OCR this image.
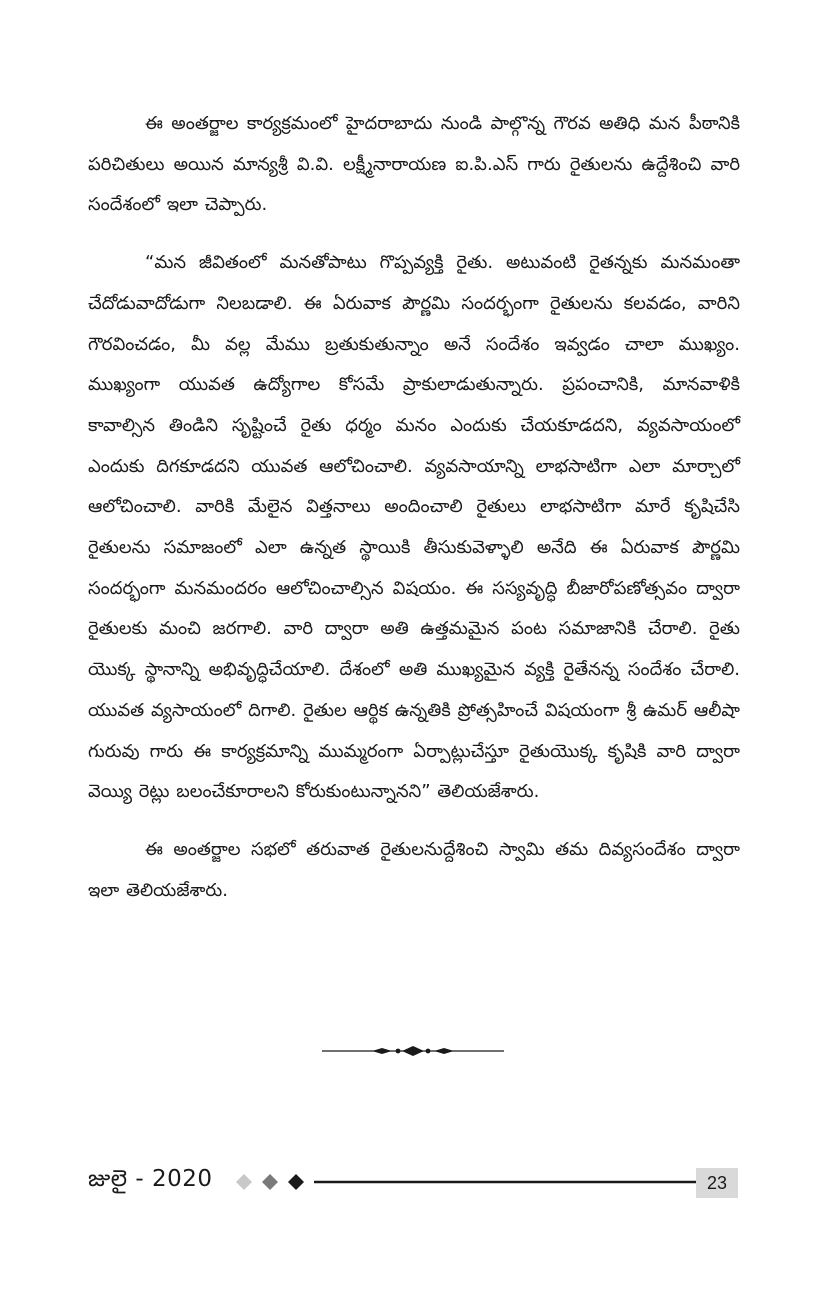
ఈ అంతర్జాల కార్యక్రమంలో హైదరాబాదు నుండి పాల్గొన్న గౌరవ అతిధి మన పీఠానికి పరిచితులు అయిన మాన్యశ్రీ వి.వి. లక్ష్మీనారాయణ ఐ.పి.ఎస్ గారు రైతులను ఉద్దేశించి వారి సందేశంలో ఇలా చెప్పారు.

“మన జీవితంలో మనతోపాటు గొప్పవ్యక్తి రైతు. అటువంటి రైతన్నకు మనమంతా చేదోడువాదోడుగా నిలబడాలి. ఈ ఏరువాక పౌర్ణమి సందర్భంగా రైతులను కలవడం, వారిని గౌరవించడం, మీ వల్ల మేము బ్రతుకుతున్నాం అనే సందేశం ఇవ్వడం చాలా ముఖ్యం. ముఖ్యంగా యువత ఉద్యోగాల కోసమే ప్రాకులాడుతున్నారు. ప్రపంచానికి, మానవాళికి కావాల్సిన తిండిని సృష్టించే రైతు ధర్మం మనం ఎందుకు చేయకూడదని, వ్యవసాయంలో ఎందుకు దిగకూడదని యువత ఆలోచించాలి. వ్యవసాయాన్ని లాభసాటిగా ఎలా మార్చాలో ఆలోచించాలి. వారికి మేలైన విత్తనాలు అందించాలి రైతులు లాభసాటిగా మారే కృషిచేసి రైతులను సమాజంలో ఎలా ఉన్నత స్థాయికి తీసుకువెళ్ళాలి అనేది ఈ ఏరువాక పౌర్ణమి సందర్భంగా మనమందరం ఆలోచించాల్సిన విషయం. ఈ సస్యవృద్ధి బీజారోపణోత్సవం ద్వారా రైతులకు మంచి జరగాలి. వారి ద్వారా అతి ఉత్తమమైన పంట సమాజానికి చేరాలి. రైతు యొక్క స్థానాన్ని అభివృద్ధిచేయాలి. దేశంలో అతి ముఖ్యమైన వ్యక్తి రైతేనన్న సందేశం చేరాలి. యువత వ్యసాయంలో దిగాలి. రైతుల ఆర్థిక ఉన్నతికి ప్రోత్సహించే విషయంగా శ్రీ ఉమర్ ఆలీషా గురువు గారు ఈ కార్యక్రమాన్ని ముమ్మరంగా ఏర్పాట్లుచేస్తూ రైతుయొక్క కృషికి వారి ద్వారా వెయ్యి రెట్లు బలంచేకూరాలని కోరుకుంటున్నానని” తెలియజేశారు.

ఈ అంతర్జాల సభలో తరువాత రైతులనుద్దేశించి స్వామి తమ దివ్యసందేశం ద్వారా ఇలా తెలియజేశారు.

జులై - 2020	23
